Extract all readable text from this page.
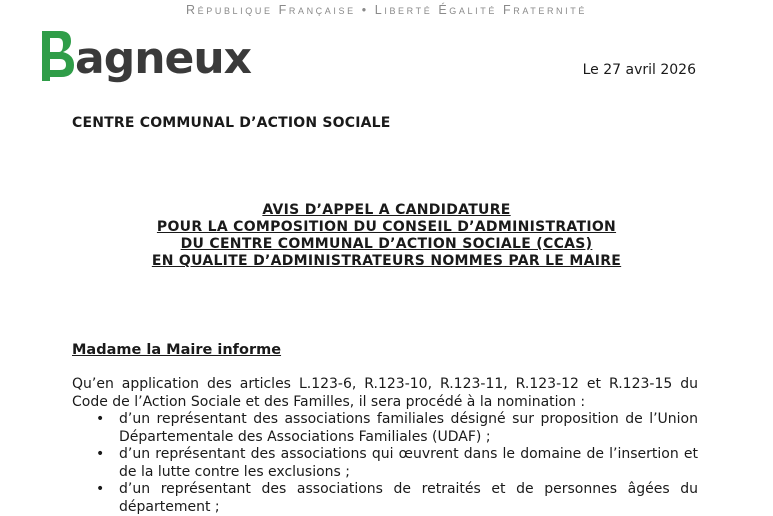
République Française • Liberté Égalité Fraternité
agneux	Le 27 avril 2026
CENTRE COMMUNAL D’ACTION SOCIALE
AVIS D’APPEL A CANDIDATURE
POUR LA COMPOSITION DU CONSEIL D’ADMINISTRATION
DU CENTRE COMMUNAL D’ACTION SOCIALE (CCAS)
EN QUALITE D’ADMINISTRATEURS NOMMES PAR LE MAIRE
Madame la Maire informe
Qu’en application des articles L.123-6, R.123-10, R.123-11, R.123-12 et R.123-15 du Code de l’Action Sociale et des Familles, il sera procédé à la nomination :
• d’un représentant des associations familiales désigné sur proposition de l’Union Départementale des Associations Familiales (UDAF) ;
• d’un représentant des associations qui œuvrent dans le domaine de l’insertion et de la lutte contre les exclusions ;
• d’un représentant des associations de retraités et de personnes âgées du département ;
